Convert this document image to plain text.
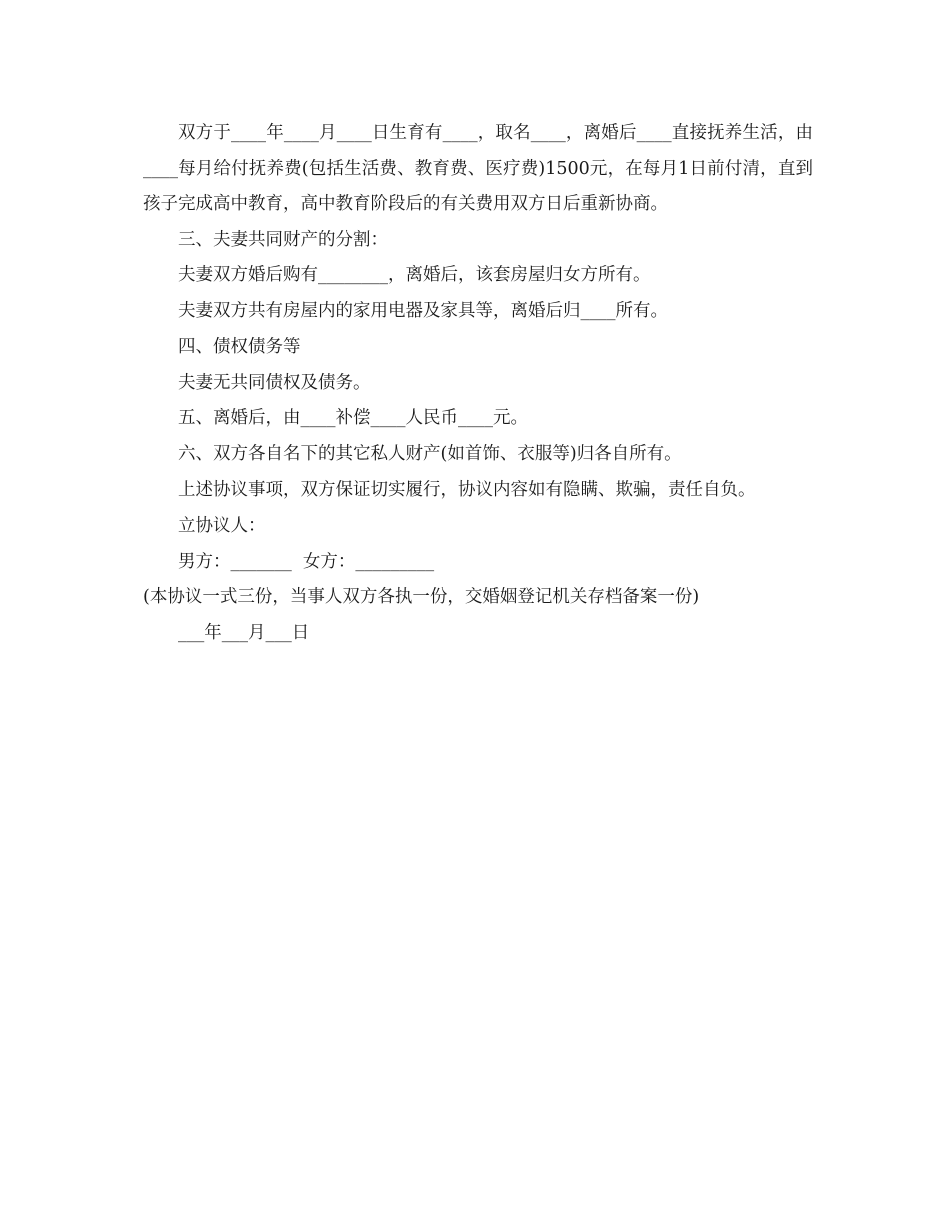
双方于____年____月____日生育有____，取名____，离婚后____直接抚养生活，由____每月给付抚养费(包括生活费、教育费、医疗费)1500元，在每月1日前付清，直到孩子完成高中教育，高中教育阶段后的有关费用双方日后重新协商。

三、夫妻共同财产的分割：

夫妻双方婚后购有________，离婚后，该套房屋归女方所有。

夫妻双方共有房屋内的家用电器及家具等，离婚后归____所有。

四、债权债务等

夫妻无共同债权及债务。

五、离婚后，由____补偿____人民币____元。

六、双方各自名下的其它私人财产(如首饰、衣服等)归各自所有。

上述协议事项，双方保证切实履行，协议内容如有隐瞒、欺骗，责任自负。

立协议人：

男方：_______  女方：_________

(本协议一式三份，当事人双方各执一份，交婚姻登记机关存档备案一份)

___年___月___日
